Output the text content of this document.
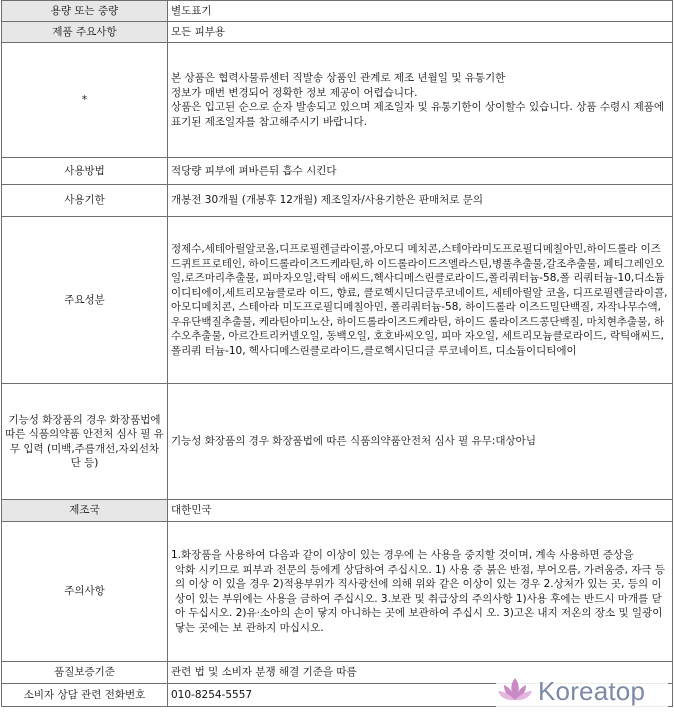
용량 또는 중량	별도표기
제품 주요사항	모든 피부용
*	본 상품은 협력사물류센터 직발송 상품인 관계로 제조 년월일 및 유통기한

정보가 매번 변경되어 정확한 정보 제공이 어렵습니다.

상품은 입고된 순으로 순자 발송되고 있으며 제조일자 및 유통기한이 상이할수 있습니다. 상품 수령시 제품에 표기된 제조일자를 참고해주시기 바랍니다.

사용방법	적당량 피부에 펴바른뒤 흡수 시킨다
사용기한	개봉전 30개월 (개봉후 12개월) 제조일자/사용기한은 판매처로 문의
주요성분	정제수,세테아릴알코올,디프로필렌글라이콜,아모디 메치콘,스테아라미도프로필디메칠아민,하이드롤라 이즈드퀴트프로테인, 하이드롤라이즈드케라틴,하 이드롤라이드즈엘라스틴,병풀추출물,갈조추출물, 페티그레인오일,로즈마리추출물, 피마자오일,락틱 애씨드,헥사디메스린클로라이드,폴리쿼터늄-58,폴 리쿼터늄-10,디소듐이디티에이,세트리모늄클로라 이드, 향료, 클로헥시딘디글루코네이트, 세테아릴알 코올, 디프로필렌글라이콜, 아모디메치콘, 스테아라 미도프로필디메칠아민, 폴리쿼터늄-58, 하이드롤라 이즈드밀단백질, 자작나무수액, 우유단백질추출물, 케라틴아미노산, 하이드롤라이즈드케라틴, 하이드 롤라이즈드콩단백질, 마치현추출물, 하수오추출물, 아르간트리커넬오일, 동백오일, 호호바씨오일, 피마 자오일, 세트리모늄클로라이드, 락틱애씨드, 폴리쿼 터늄-10, 헥사디메스린클로라이드,클로헥시딘디글 루코네이트, 디소듐이디티에이
기능성 화장품의 경우 화장품법에 따른 식품의약품 안전처 심사 필 유무 입력 (미백,주름개선,자외선차단 등)	기능성 화장품의 경우 화장품법에 따른 식품의약품안전처 심사 필 유무:대상아님
제조국	대한민국
주의사항	1.화장품을 사용하여 다음과 같이 이상이 있는 경우에 는 사용을 중지할 것이며, 계속 사용하면 증상을

악화 시키므로 피부과 전문의 등에게 상담하여 주십시오. 1) 사용 중 붉은 반점, 부어오름, 가려움증, 자극 등의 이상 이 있을 경우 2)적용부위가 직사광선에 의해 위와 같은 이상이 있는 경우 2.상처가 있는 곳, 등의 이상이 있는 부위에는 사용을 금하여 주십시오. 3.보관 및 취급상의 주의사항 1)사용 후에는 반드시 마개를 닫아 두십시오. 2)유·소아의 손이 닿지 아니하는 곳에 보관하여 주십시 오. 3)고온 내지 저온의 장소 및 일광이 닿는 곳에는 보 관하지 마십시오.

품질보증기준	관련 법 및 소비자 분쟁 해결 기준을 따름
소비자 상담 관련 전화번호	010-8254-5557	Koreatop
